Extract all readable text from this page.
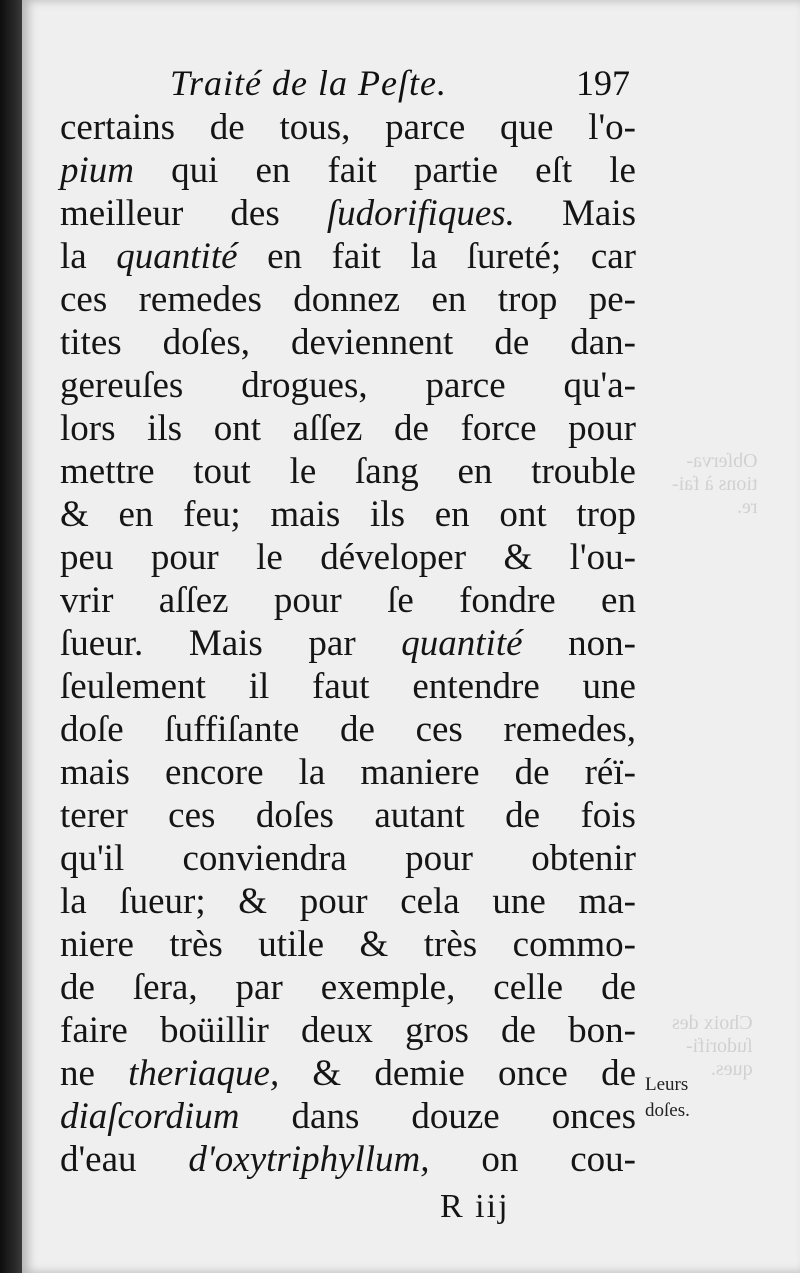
Obſerva-
tions à fai-
re.
Choix des
ſudorifi-
ques.
Traité de la Peſte.	197
certains de tous, parce que l'o-
pium qui en fait partie eſt le
meilleur des ſudorifiques. Mais
la quantité en fait la ſureté; car
ces remedes donnez en trop pe-
tites doſes, deviennent de dan-
gereuſes drogues, parce qu'a-
lors ils ont aſſez de force pour
mettre tout le ſang en trouble
& en feu; mais ils en ont trop
peu pour le déveloper & l'ou-
vrir aſſez pour ſe fondre en
ſueur. Mais par quantité non-
ſeulement il faut entendre une
doſe ſuffiſante de ces remedes,
mais encore la maniere de réï-
terer ces doſes autant de fois
qu'il conviendra pour obtenir
la ſueur; & pour cela une ma-
niere très utile & très commo-
de ſera, par exemple, celle de
faire boüillir deux gros de bon-
ne theriaque, & demie once de
diaſcordium dans douze onces
d'eau d'oxytriphyllum, on cou-
R iij
Leurs
doſes.
